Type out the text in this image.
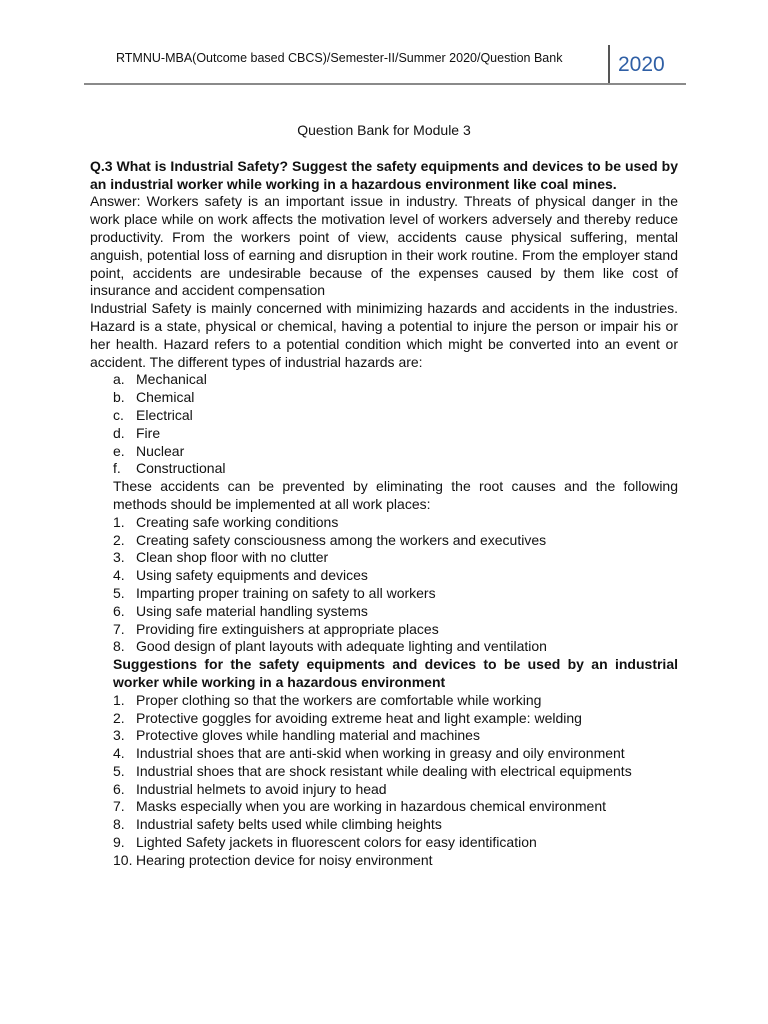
RTMNU-MBA(Outcome based CBCS)/Semester-II/Summer 2020/Question Bank	2020
Question Bank for Module 3

Q.3 What is Industrial Safety? Suggest the safety equipments and devices to be used by an industrial worker while working in a hazardous environment like coal mines.

Answer: Workers safety is an important issue in industry. Threats of physical danger in the work place while on work affects the motivation level of workers adversely and thereby reduce productivity. From the workers point of view, accidents cause physical suffering, mental anguish, potential loss of earning and disruption in their work routine. From the employer stand point, accidents are undesirable because of the expenses caused by them like cost of insurance and accident compensation

Industrial Safety is mainly concerned with minimizing hazards and accidents in the industries. Hazard is a state, physical or chemical, having a potential to injure the person or impair his or her health. Hazard refers to a potential condition which might be converted into an event or accident. The different types of industrial hazards are:

a. Mechanical
b. Chemical
c. Electrical
d. Fire
e. Nuclear
f. Constructional

These accidents can be prevented by eliminating the root causes and the following methods should be implemented at all work places:

1. Creating safe working conditions
2. Creating safety consciousness among the workers and executives
3. Clean shop floor with no clutter
4. Using safety equipments and devices
5. Imparting proper training on safety to all workers
6. Using safe material handling systems
7. Providing fire extinguishers at appropriate places
8. Good design of plant layouts with adequate lighting and ventilation

Suggestions for the safety equipments and devices to be used by an industrial worker while working in a hazardous environment

1. Proper clothing so that the workers are comfortable while working
2. Protective goggles for avoiding extreme heat and light example: welding
3. Protective gloves while handling material and machines
4. Industrial shoes that are anti-skid when working in greasy and oily environment
5. Industrial shoes that are shock resistant while dealing with electrical equipments
6. Industrial helmets to avoid injury to head
7. Masks especially when you are working in hazardous chemical environment
8. Industrial safety belts used while climbing heights
9. Lighted Safety jackets in fluorescent colors for easy identification
10. Hearing protection device for noisy environment
